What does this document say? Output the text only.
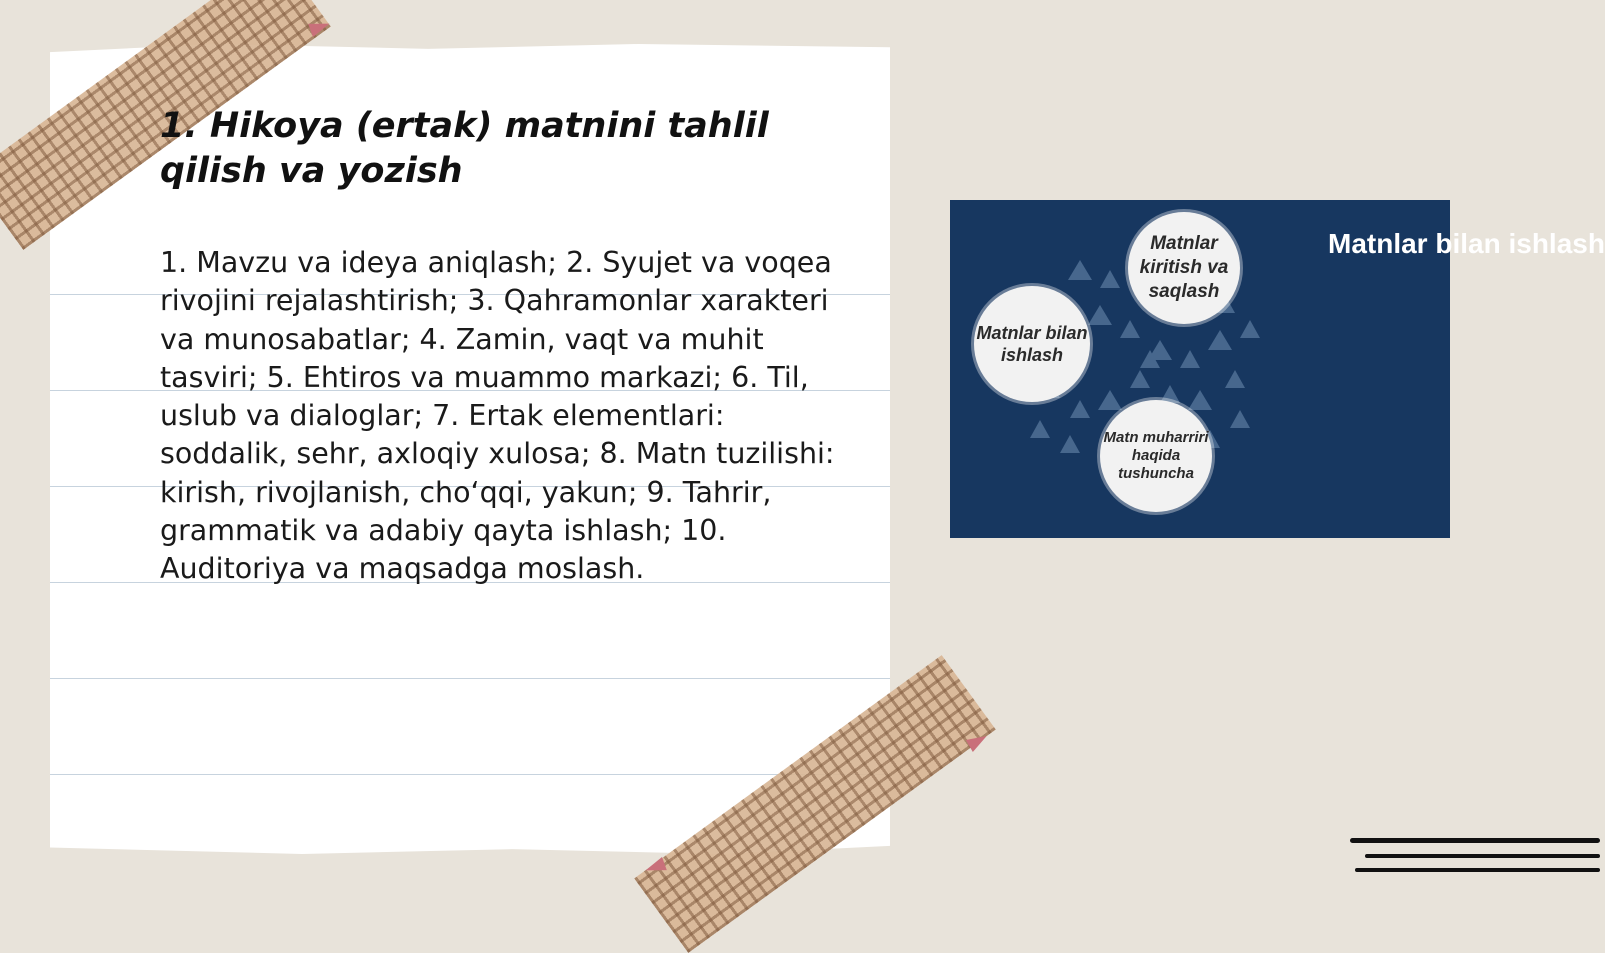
1. Hikoya (ertak) matnini tahlil qilish va yozish

1. Mavzu va ideya aniqlash; 2. Syujet va voqea rivojini rejalashtirish; 3. Qahramonlar xarakteri va munosabatlar; 4. Zamin, vaqt va muhit tasviri; 5. Ehtiros va muammo markazi; 6. Til, uslub va dialoglar; 7. Ertak elementlari: soddalik, sehr, axloqiy xulosa; 8. Matn tuzilishi: kirish, rivojlanish, cho‘qqi, yakun; 9. Tahrir, grammatik va adabiy qayta ishlash; 10. Auditoriya va maqsadga moslash.

Matnlar bilan ishlash
Matnlar kiritish va saqlash
Matnlar bilan ishlash
Matn muharriri haqida tushuncha
